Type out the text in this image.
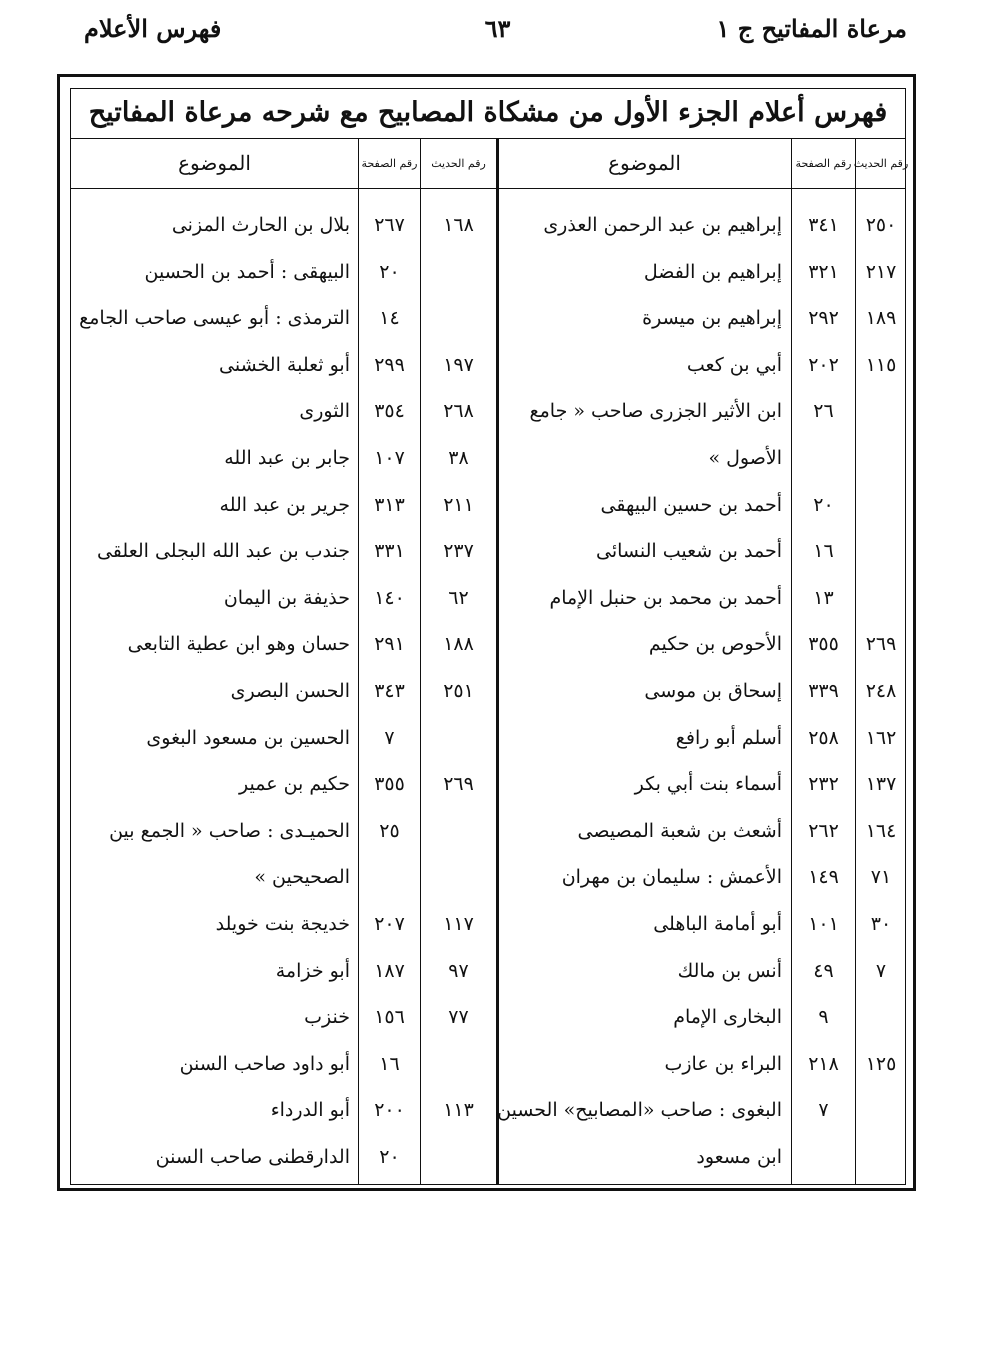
مرعاة المفاتيح ج ١
٦٣
فهرس الأعلام
فهرس أعلام الجزء الأول من مشكاة المصابيح مع شرحه مرعاة المفاتيح
رقم الحديث
رقم الصفحة
الموضوع
رقم الحديث
رقم الصفحة
الموضوع
٢٥٠
٣٤١
إبراهيم بن عبد الرحمن العذرى
٢١٧
٣٢١
إبراهيم بن الفضل
١٨٩
٢٩٢
إبراهيم بن ميسرة
١١٥
٢٠٢
أبي بن كعب
٢٦
ابن الأثير الجزرى صاحب « جامع
الأصول »
٢٠
أحمد بن حسين البيهقى
١٦
أحمد بن شعيب النسائى
١٣
أحمد بن محمد بن حنبل الإمام
٢٦٩
٣٥٥
الأحوص بن حكيم
٢٤٨
٣٣٩
إسحاق بن موسى
١٦٢
٢٥٨
أسلم أبو رافع
١٣٧
٢٣٢
أسماء بنت أبي بكر
١٦٤
٢٦٢
أشعث بن شعبة المصيصى
٧١
١٤٩
الأعمش : سليمان بن مهران
٣٠
١٠١
أبو أمامة الباهلى
٧
٤٩
أنس بن مالك
٩
البخارى الإمام
١٢٥
٢١٨
البراء بن عازب
٧
البغوى : صاحب «المصابيح» الحسين
ابن مسعود
١٦٨
٢٦٧
بلال بن الحارث المزنى
٢٠
البيهقى : أحمد بن الحسين
١٤
الترمذى : أبو عيسى صاحب الجامع
١٩٧
٢٩٩
أبو ثعلبة الخشنى
٢٦٨
٣٥٤
الثورى
٣٨
١٠٧
جابر بن عبد الله
٢١١
٣١٣
جرير بن عبد الله
٢٣٧
٣٣١
جندب بن عبد الله البجلى العلقى
٦٢
١٤٠
حذيفة بن اليمان
١٨٨
٢٩١
حسان وهو ابن عطية التابعى
٢٥١
٣٤٣
الحسن البصرى
٧
الحسين بن مسعود البغوى
٢٦٩
٣٥٥
حكيم بن عمير
٢٥
الحميـدى : صاحب « الجمع بين
الصحيحين »
١١٧
٢٠٧
خديجة بنت خويلد
٩٧
١٨٧
أبو خزامة
٧٧
١٥٦
خنزب
١٦
أبو داود صاحب السنن
١١٣
٢٠٠
أبو الدرداء
٢٠
الدارقطنى صاحب السنن
